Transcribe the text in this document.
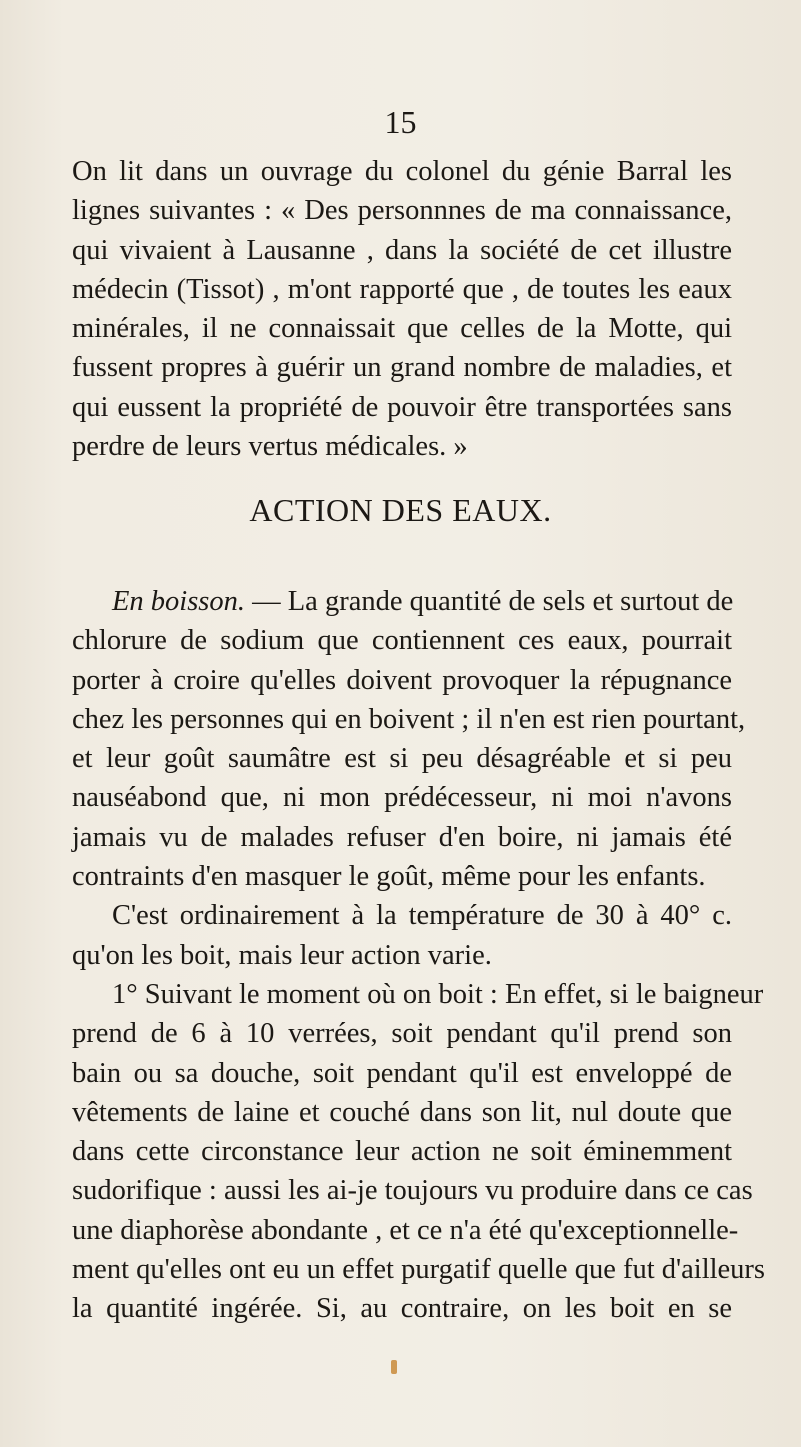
15
On lit dans un ouvrage du colonel du génie Barral les
lignes suivantes : « Des personnnes de ma connaissance,
qui vivaient à Lausanne , dans la société de cet illustre
médecin (Tissot) , m'ont rapporté que , de toutes les eaux
minérales, il ne connaissait que celles de la Motte, qui
fussent propres à guérir un grand nombre de maladies, et
qui eussent la propriété de pouvoir être transportées sans
perdre de leurs vertus médicales. »
ACTION DES EAUX.
En boisson. — La grande quantité de sels et surtout de
chlorure de sodium que contiennent ces eaux, pourrait
porter à croire qu'elles doivent provoquer la répugnance
chez les personnes qui en boivent ; il n'en est rien pourtant,
et leur goût saumâtre est si peu désagréable et si peu
nauséabond que, ni mon prédécesseur, ni moi n'avons
jamais vu de malades refuser d'en boire, ni jamais été
contraints d'en masquer le goût, même pour les enfants.
C'est ordinairement à la température de 30 à 40° c.
qu'on les boit, mais leur action varie.
1° Suivant le moment où on boit : En effet, si le baigneur
prend de 6 à 10 verrées, soit pendant qu'il prend son
bain ou sa douche, soit pendant qu'il est enveloppé de
vêtements de laine et couché dans son lit, nul doute que
dans cette circonstance leur action ne soit éminemment
sudorifique : aussi les ai-je toujours vu produire dans ce cas
une diaphorèse abondante , et ce n'a été qu'exceptionnelle-
ment qu'elles ont eu un effet purgatif quelle que fut d'ailleurs
la quantité ingérée. Si, au contraire, on les boit en se
